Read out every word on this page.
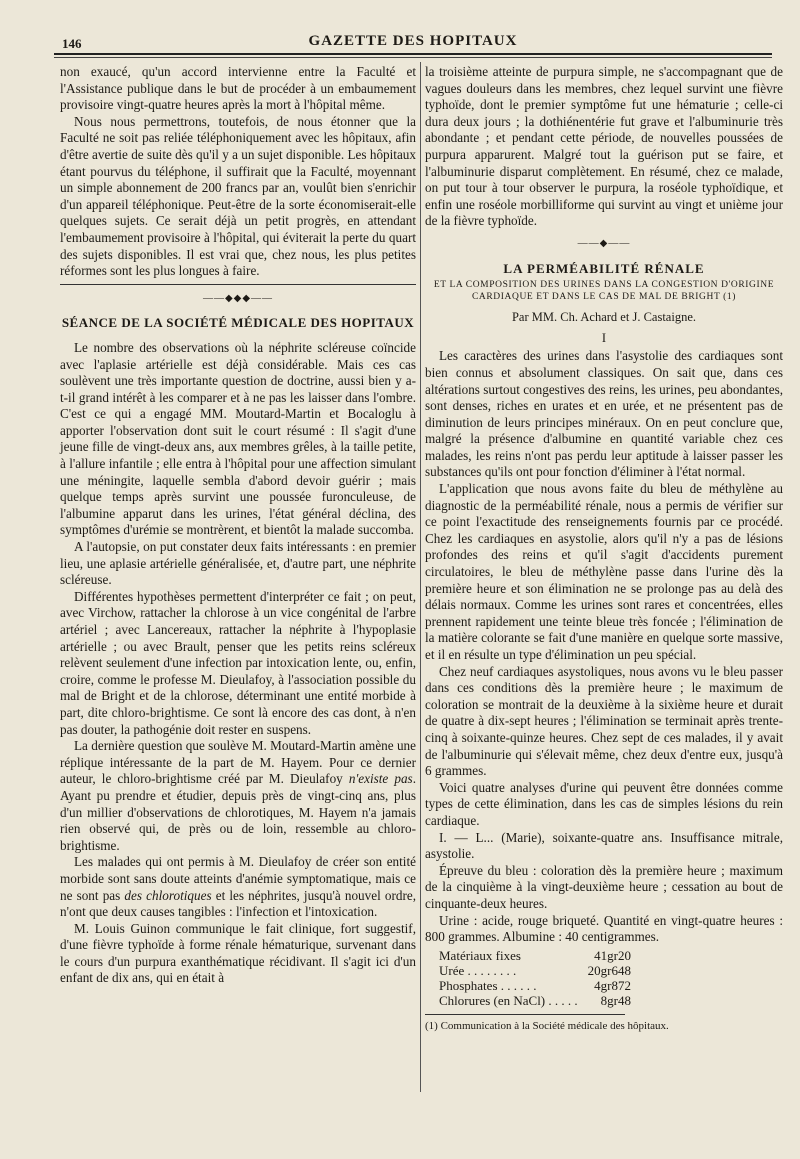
146	GAZETTE DES HOPITAUX

non exaucé, qu'un accord intervienne entre la Faculté et l'Assistance publique dans le but de procéder à un embaumement provisoire vingt-quatre heures après la mort à l'hôpital même.

Nous nous permettrons, toutefois, de nous étonner que la Faculté ne soit pas reliée téléphoniquement avec les hôpitaux, afin d'être avertie de suite dès qu'il y a un sujet disponible. Les hôpitaux étant pourvus du téléphone, il suffirait que la Faculté, moyennant un simple abonnement de 200 francs par an, voulût bien s'enrichir d'un appareil téléphonique. Peut-être de la sorte économiserait-elle quelques sujets. Ce serait déjà un petit progrès, en attendant l'embaumement provisoire à l'hôpital, qui éviterait la perte du quart des sujets disponibles. Il est vrai que, chez nous, les plus petites réformes sont les plus longues à faire.

——◆◆◆——
SÉANCE DE LA SOCIÉTÉ MÉDICALE DES HOPITAUX

Le nombre des observations où la néphrite scléreuse coïncide avec l'aplasie artérielle est déjà considérable. Mais ces cas soulèvent une très importante question de doctrine, aussi bien y a-t-il grand intérêt à les comparer et à ne pas les laisser dans l'ombre. C'est ce qui a engagé MM. Moutard-Martin et Bocaloglu à apporter l'observation dont suit le court résumé : Il s'agit d'une jeune fille de vingt-deux ans, aux membres grêles, à la taille petite, à l'allure infantile ; elle entra à l'hôpital pour une affection simulant une méningite, laquelle sembla d'abord devoir guérir ; mais quelque temps après survint une poussée furonculeuse, de l'albumine apparut dans les urines, l'état général déclina, des symptômes d'urémie se montrèrent, et bientôt la malade succomba.

A l'autopsie, on put constater deux faits intéressants : en premier lieu, une aplasie artérielle généralisée, et, d'autre part, une néphrite scléreuse.

Différentes hypothèses permettent d'interpréter ce fait ; on peut, avec Virchow, rattacher la chlorose à un vice congénital de l'arbre artériel ; avec Lancereaux, rattacher la néphrite à l'hypoplasie artérielle ; ou avec Brault, penser que les petits reins scléreux relèvent seulement d'une infection par intoxication lente, ou, enfin, croire, comme le professe M. Dieulafoy, à l'association possible du mal de Bright et de la chlorose, déterminant une entité morbide à part, dite chloro-brightisme. Ce sont là encore des cas dont, à n'en pas douter, la pathogénie doit rester en suspens.

La dernière question que soulève M. Moutard-Martin amène une réplique intéressante de la part de M. Hayem. Pour ce dernier auteur, le chloro-brightisme créé par M. Dieulafoy n'existe pas. Ayant pu prendre et étudier, depuis près de vingt-cinq ans, plus d'un millier d'observations de chlorotiques, M. Hayem n'a jamais rien observé qui, de près ou de loin, ressemble au chloro-brightisme.

Les malades qui ont permis à M. Dieulafoy de créer son entité morbide sont sans doute atteints d'anémie symptomatique, mais ce ne sont pas des chlorotiques et les néphrites, jusqu'à nouvel ordre, n'ont que deux causes tangibles : l'infection et l'intoxication.

M. Louis Guinon communique le fait clinique, fort suggestif, d'une fièvre typhoïde à forme rénale hématurique, survenant dans le cours d'un purpura exanthématique récidivant. Il s'agit ici d'un enfant de dix ans, qui en était à

la troisième atteinte de purpura simple, ne s'accompagnant que de vagues douleurs dans les membres, chez lequel survint une fièvre typhoïde, dont le premier symptôme fut une hématurie ; celle-ci dura deux jours ; la dothiénentérie fut grave et l'albuminurie très abondante ; et pendant cette période, de nouvelles poussées de purpura apparurent. Malgré tout la guérison put se faire, et l'albuminurie disparut complètement. En résumé, chez ce malade, on put tour à tour observer le purpura, la roséole typhoïdique, et enfin une roséole morbilliforme qui survint au vingt et unième jour de la fièvre typhoïde.

——◆——
LA PERMÉABILITÉ RÉNALE
ET LA COMPOSITION DES URINES DANS LA CONGESTION D'ORIGINE
CARDIAQUE ET DANS LE CAS DE MAL DE BRIGHT (1)
Par MM. Ch. Achard et J. Castaigne.
I

Les caractères des urines dans l'asystolie des cardiaques sont bien connus et absolument classiques. On sait que, dans ces altérations surtout congestives des reins, les urines, peu abondantes, sont denses, riches en urates et en urée, et ne présentent pas de diminution de leurs principes minéraux. On en peut conclure que, malgré la présence d'albumine en quantité variable chez ces malades, les reins n'ont pas perdu leur aptitude à laisser passer les substances qu'ils ont pour fonction d'éliminer à l'état normal.

L'application que nous avons faite du bleu de méthylène au diagnostic de la perméabilité rénale, nous a permis de vérifier sur ce point l'exactitude des renseignements fournis par ce procédé. Chez les cardiaques en asystolie, alors qu'il n'y a pas de lésions profondes des reins et qu'il s'agit d'accidents purement circulatoires, le bleu de méthylène passe dans l'urine dès la première heure et son élimination ne se prolonge pas au delà des délais normaux. Comme les urines sont rares et concentrées, elles prennent rapidement une teinte bleue très foncée ; l'élimination de la matière colorante se fait d'une manière en quelque sorte massive, et il en résulte un type d'élimination un peu spécial.

Chez neuf cardiaques asystoliques, nous avons vu le bleu passer dans ces conditions dès la première heure ; le maximum de coloration se montrait de la deuxième à la sixième heure et durait de quatre à dix-sept heures ; l'élimination se terminait après trente-cinq à soixante-quinze heures. Chez sept de ces malades, il y avait de l'albuminurie qui s'élevait même, chez deux d'entre eux, jusqu'à 6 grammes.

Voici quatre analyses d'urine qui peuvent être données comme types de cette élimination, dans les cas de simples lésions du rein cardiaque.

I. — L... (Marie), soixante-quatre ans. Insuffisance mitrale, asystolie.

Épreuve du bleu : coloration dès la première heure ; maximum de la cinquième à la vingt-deuxième heure ; cessation au bout de cinquante-deux heures.

Urine : acide, rouge briqueté. Quantité en vingt-quatre heures : 800 grammes. Albumine : 40 centigrammes.

Matériaux fixes	41gr20
Urée . . . . . . . .	20gr648
Phosphates . . . . . .	4gr872
Chlorures (en NaCl) . . . . .	8gr48
(1) Communication à la Société médicale des hôpitaux.
